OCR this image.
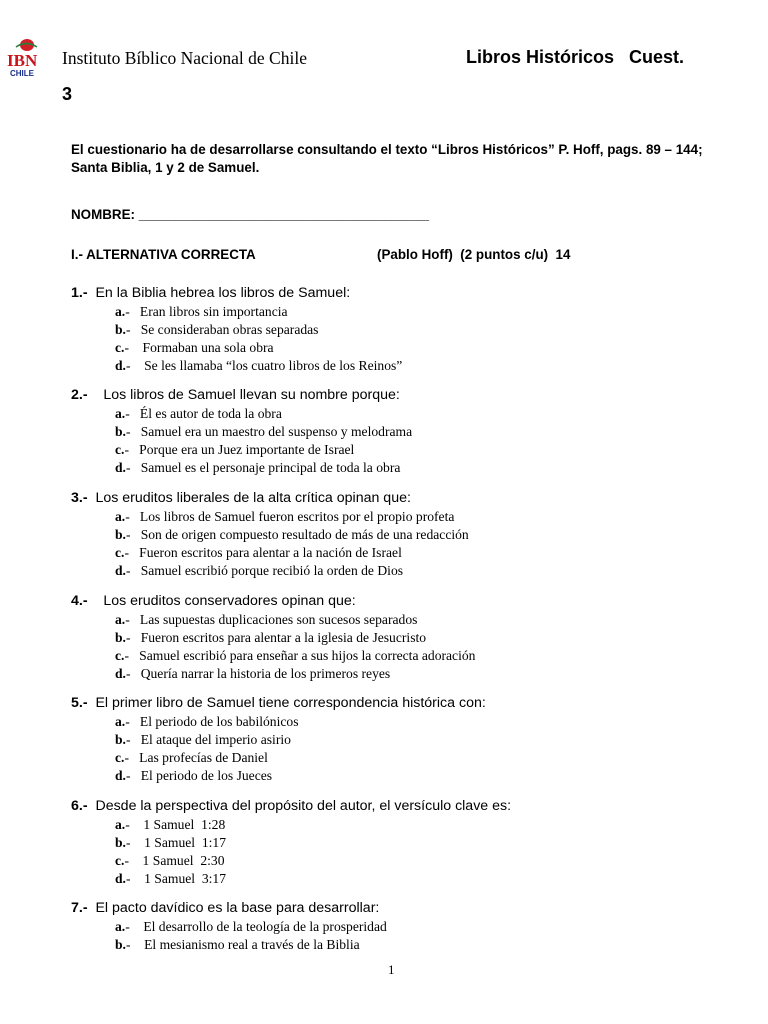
IBN
CHILE
Instituto Bíblico Nacional de Chile	Libros Históricos   Cuest.
3
El cuestionario ha de desarrollarse consultando el texto “Libros Históricos” P. Hoff, pags. 89 – 144; Santa Biblia, 1 y 2 de Samuel.
NOMBRE: _______________________________________
I.- ALTERNATIVA CORRECTA	(Pablo Hoff)  (2 puntos c/u)  14
1.-  En la Biblia hebrea los libros de Samuel:
a.-   Eran libros sin importancia
b.-   Se consideraban obras separadas
c.-    Formaban una sola obra
d.-    Se les llamaba “los cuatro libros de los Reinos”
2.-    Los libros de Samuel llevan su nombre porque:
a.-   Él es autor de toda la obra
b.-   Samuel era un maestro del suspenso y melodrama
c.-   Porque era un Juez importante de Israel
d.-   Samuel es el personaje principal de toda la obra
3.-  Los eruditos liberales de la alta crítica opinan que:
a.-   Los libros de Samuel fueron escritos por el propio profeta
b.-   Son de origen compuesto resultado de más de una redacción
c.-   Fueron escritos para alentar a la nación de Israel
d.-   Samuel escribió porque recibió la orden de Dios
4.-    Los eruditos conservadores opinan que:
a.-   Las supuestas duplicaciones son sucesos separados
b.-   Fueron escritos para alentar a la iglesia de Jesucristo
c.-   Samuel escribió para enseñar a sus hijos la correcta adoración
d.-   Quería narrar la historia de los primeros reyes
5.-  El primer libro de Samuel tiene correspondencia histórica con:
a.-   El periodo de los babilónicos
b.-   El ataque del imperio asirio
c.-   Las profecías de Daniel
d.-   El periodo de los Jueces
6.-  Desde la perspectiva del propósito del autor, el versículo clave es:
a.-    1 Samuel  1:28
b.-    1 Samuel  1:17
c.-    1 Samuel  2:30
d.-    1 Samuel  3:17
7.-  El pacto davídico es la base para desarrollar:
a.-    El desarrollo de la teología de la prosperidad
b.-    El mesianismo real a través de la Biblia
1
